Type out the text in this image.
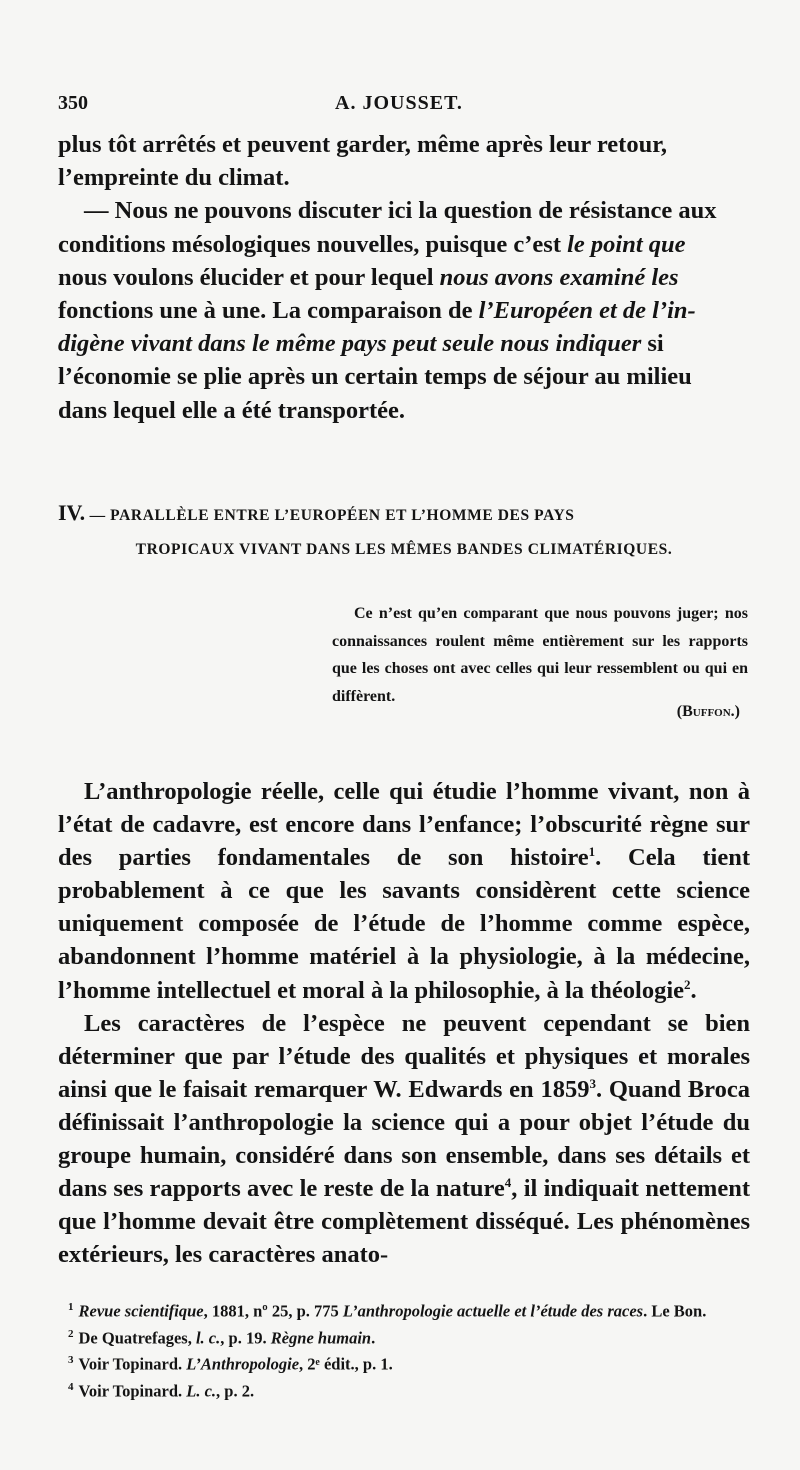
350	A. JOUSSET.
plus tôt arrêtés et peuvent garder, même après leur retour,
l’empreinte du climat.
— Nous ne pouvons discuter ici la question de résistance aux
conditions mésologiques nouvelles, puisque c’est le point que
nous voulons élucider et pour lequel nous avons examiné les
fonctions une à une. La comparaison de l’Européen et de l’in-
digène vivant dans le même pays peut seule nous indiquer si
l’économie se plie après un certain temps de séjour au milieu
dans lequel elle a été transportée.
IV. — PARALLÈLE ENTRE L’EUROPÉEN ET L’HOMME DES PAYS
TROPICAUX VIVANT DANS LES MÊMES BANDES CLIMATÉRIQUES.

Ce n’est qu’en comparant que nous pouvons juger; nos connaissances roulent même entièrement sur les rapports que les choses ont avec celles qui leur ressemblent ou qui en diffèrent.

(Buffon.)

L’anthropologie réelle, celle qui étudie l’homme vivant, non à l’état de cadavre, est encore dans l’enfance; l’obscurité règne sur des parties fondamentales de son histoire$^1$. Cela tient probablement à ce que les savants considèrent cette science uniquement composée de l’étude de l’homme comme espèce, abandonnent l’homme matériel à la physiologie, à la médecine, l’homme intellectuel et moral à la philosophie, à la théologie$^2$.

Les caractères de l’espèce ne peuvent cependant se bien déterminer que par l’étude des qualités et physiques et morales ainsi que le faisait remarquer W. Edwards en 1859$^3$. Quand Broca définissait l’anthropologie la science qui a pour objet l’étude du groupe humain, considéré dans son ensemble, dans ses détails et dans ses rapports avec le reste de la nature$^4$, il indiquait nettement que l’homme devait être complètement disséqué. Les phénomènes extérieurs, les caractères anato-

$^1$ Revue scientifique, 1881, nº 25, p. 775 L’anthropologie actuelle et l’étude des races. Le Bon.

$^2$ De Quatrefages, l. c., p. 19. Règne humain.

$^3$ Voir Topinard. L’Anthropologie, 2ᵉ édit., p. 1.

$^4$ Voir Topinard. L. c., p. 2.
